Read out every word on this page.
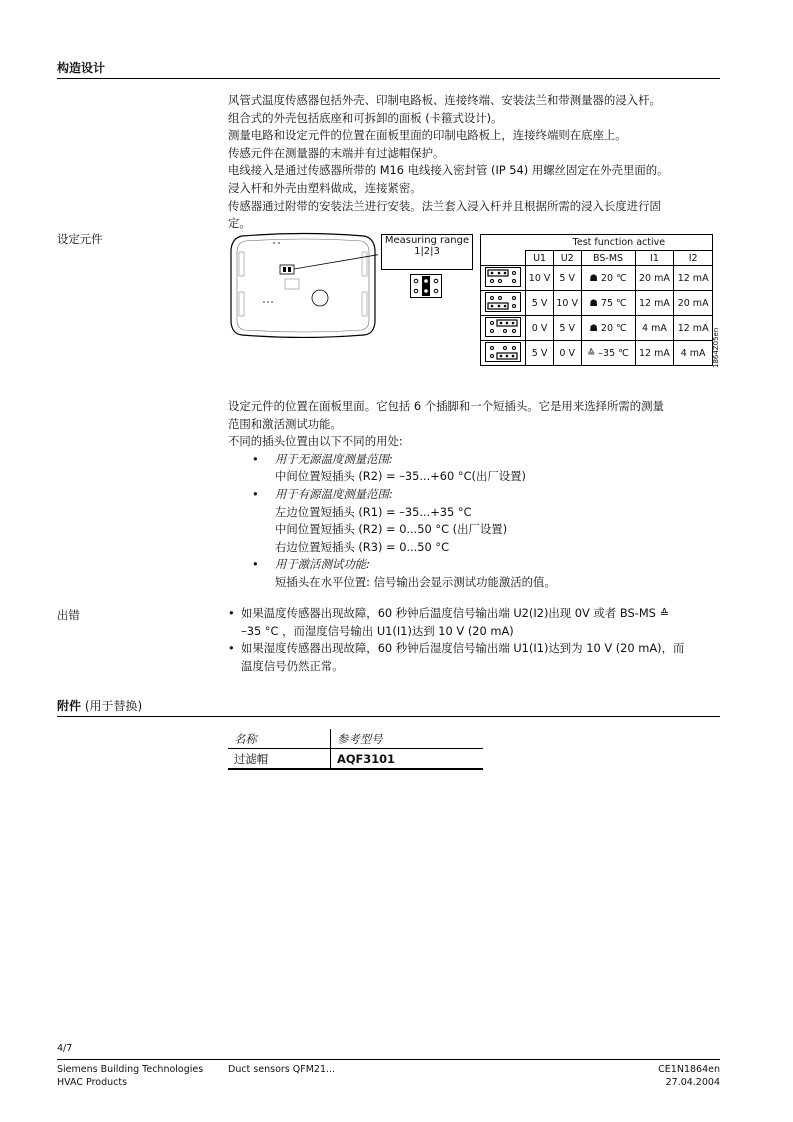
构造设计
风管式温度传感器包括外壳、印制电路板、连接终端、安装法兰和带测量器的浸入杆。
组合式的外壳包括底座和可拆卸的面板 (卡箍式设计)。
测量电路和设定元件的位置在面板里面的印制电路板上，连接终端则在底座上。
传感元件在测量器的末端并有过滤帽保护。
电线接入是通过传感器所带的 M16 电线接入密封管 (IP 54) 用螺丝固定在外壳里面的。
浸入杆和外壳由塑料做成，连接紧密。
传感器通过附带的安装法兰进行安装。法兰套入浸入杆并且根据所需的浸入长度进行固
定。
设定元件	Measuring range
1|2|3
	Test function active				
	U1	U2	BS-MS	I1	I2
	10 V	5 V	☗ 20 ℃	20 mA	12 mA
	5 V	10 V	☗ 75 ℃	12 mA	20 mA
	0 V	5 V	☗ 20 ℃	4 mA	12 mA
	5 V	0 V	≙ –35 ℃	12 mA	4 mA 1864Z05en
设定元件的位置在面板里面。它包括 6 个插脚和一个短插头。它是用来选择所需的测量
范围和激活测试功能。
不同的插头位置由以下不同的用处:
• 用于无源温度测量范围:
中间位置短插头 (R2) = –35...+60 °C(出厂设置)
• 用于有源温度测量范围:
左边位置短插头 (R1) = –35...+35 °C
中间位置短插头 (R2) = 0...50 °C (出厂设置)
右边位置短插头 (R3) = 0...50 °C
• 用于激活测试功能:
短插头在水平位置: 信号输出会显示测试功能激活的值。
出错	• 如果温度传感器出现故障，60 秒钟后温度信号输出端 U2(I2)出现 0V 或者 BS-MS ≙
–35 °C ，而湿度信号输出 U1(I1)达到 10 V (20 mA)
• 如果湿度传感器出现故障，60 秒钟后湿度信号输出端 U1(I1)达到为 10 V (20 mA)，而
温度信号仍然正常。
附件 (用于替换)
名称	参考型号
过滤帽	AQF3101
4/7
Siemens Building Technologies
HVAC Products
Duct sensors QFM21...	CE1N1864en
27.04.2004
